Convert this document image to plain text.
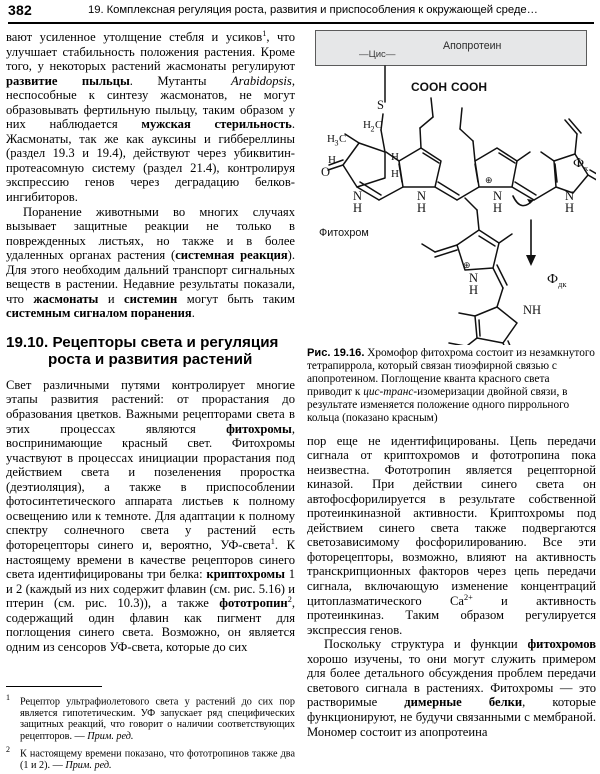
382	19. Комплексная регуляция роста, развития и приспособления к окружающей среде…

вают усиленное утолщение стебля и усиков$^1$, что улучшает стабильность положения растения. Кроме того, у некоторых растений жасмонаты регулируют развитие пыльцы. Мутанты Arabidopsis, неспособные к синтезу жасмонатов, не могут образовывать фертильную пыльцу, таким образом у них наблюдается мужская стерильность. Жасмонаты, так же как ауксины и гиббереллины (раздел 19.3 и 19.4), действуют через убиквитин-протеасомную систему (раздел 21.4), контролируя экспрессию генов через деградацию белков-ингибиторов.

Поранение животными во многих случаях вызывает защитные реакции не только в поврежденных листьях, но также и в более удаленных органах растения (системная реакция). Для этого необходим дальний транспорт сигнальных веществ в растении. Недавние результаты показали, что жасмонаты и системин могут быть таким системным сигналом поранения.

19.10. Рецепторы света и регуляция
роста и развития растений

Свет различными путями контролирует многие этапы развития растений: от прорастания до образования цветков. Важными рецепторами света в этих процессах являются фитохромы, воспринимающие красный свет. Фитохромы участвуют в процессах инициации прорастания под действием света и позеленения проростка (деэтиоляция), а также в приспособлении фотосинтетического аппарата листьев к полному освещению или к темноте. Для адаптации к полному спектру солнечного света у растений есть фоторецепторы синего и, вероятно, УФ-света$^1$. К настоящему времени в качестве рецепторов синего света идентифицированы три белка: криптохромы 1 и 2 (каждый из них содержит флавин (см. рис. 5.16) и птерин (см. рис. 10.3)), а также фототропин$^2$, содержащий один флавин как пигмент для поглощения синего света. Возможно, он является одним из сенсоров УФ-света, которые до сих

1 Рецептор ультрафиолетового света у растений до сих пор является гипотетическим. УФ запускает ряд специфических защитных реакций, что говорит о наличии соответствующих рецепторов. — Прим. ред.

2 К настоящему времени показано, что фототропинов также два (1 и 2). — Прим. ред.

Апопротеин
—Цис—
Фитохром
S
O
N
H
N
H
N
H
N
H
⊕
H 3 C
H 2 C
H	H
H
COOH COOH
N
H
NH
⊕
Ф к
Ф дк
Рис. 19.16. Хромофор фитохрома состоит из незамкнутого тетрапиррола, который связан тиоэфирной связью с апопротеином. Поглощение кванта красного света приводит к цис-транс-изомеризации двойной связи, в результате изменяется положение одного пиррольного кольца (показано красным)

пор еще не идентифицированы. Цепь передачи сигнала от криптохромов и фототропина пока неизвестна. Фототропин является рецепторной киназой. При действии синего света он автофосфорилируется в результате собственной протеинкиназной активности. Криптохромы под действием синего света также подвергаются светозависимому фосфорилированию. Все эти фоторецепторы, возможно, влияют на активность транскрипционных факторов через цепь передачи сигнала, включающую изменение концентраций цитоплазматического $Ca^{2+}$ и активность протеинкиназ. Таким образом регулируется экспрессия генов.

Поскольку структура и функции фитохромов хорошо изучены, то они могут служить примером для более детального обсуждения проблем передачи светового сигнала в растениях. Фитохромы — это растворимые димерные белки, которые функционируют, не будучи связанными с мембраной. Мономер состоит из апопротеина
